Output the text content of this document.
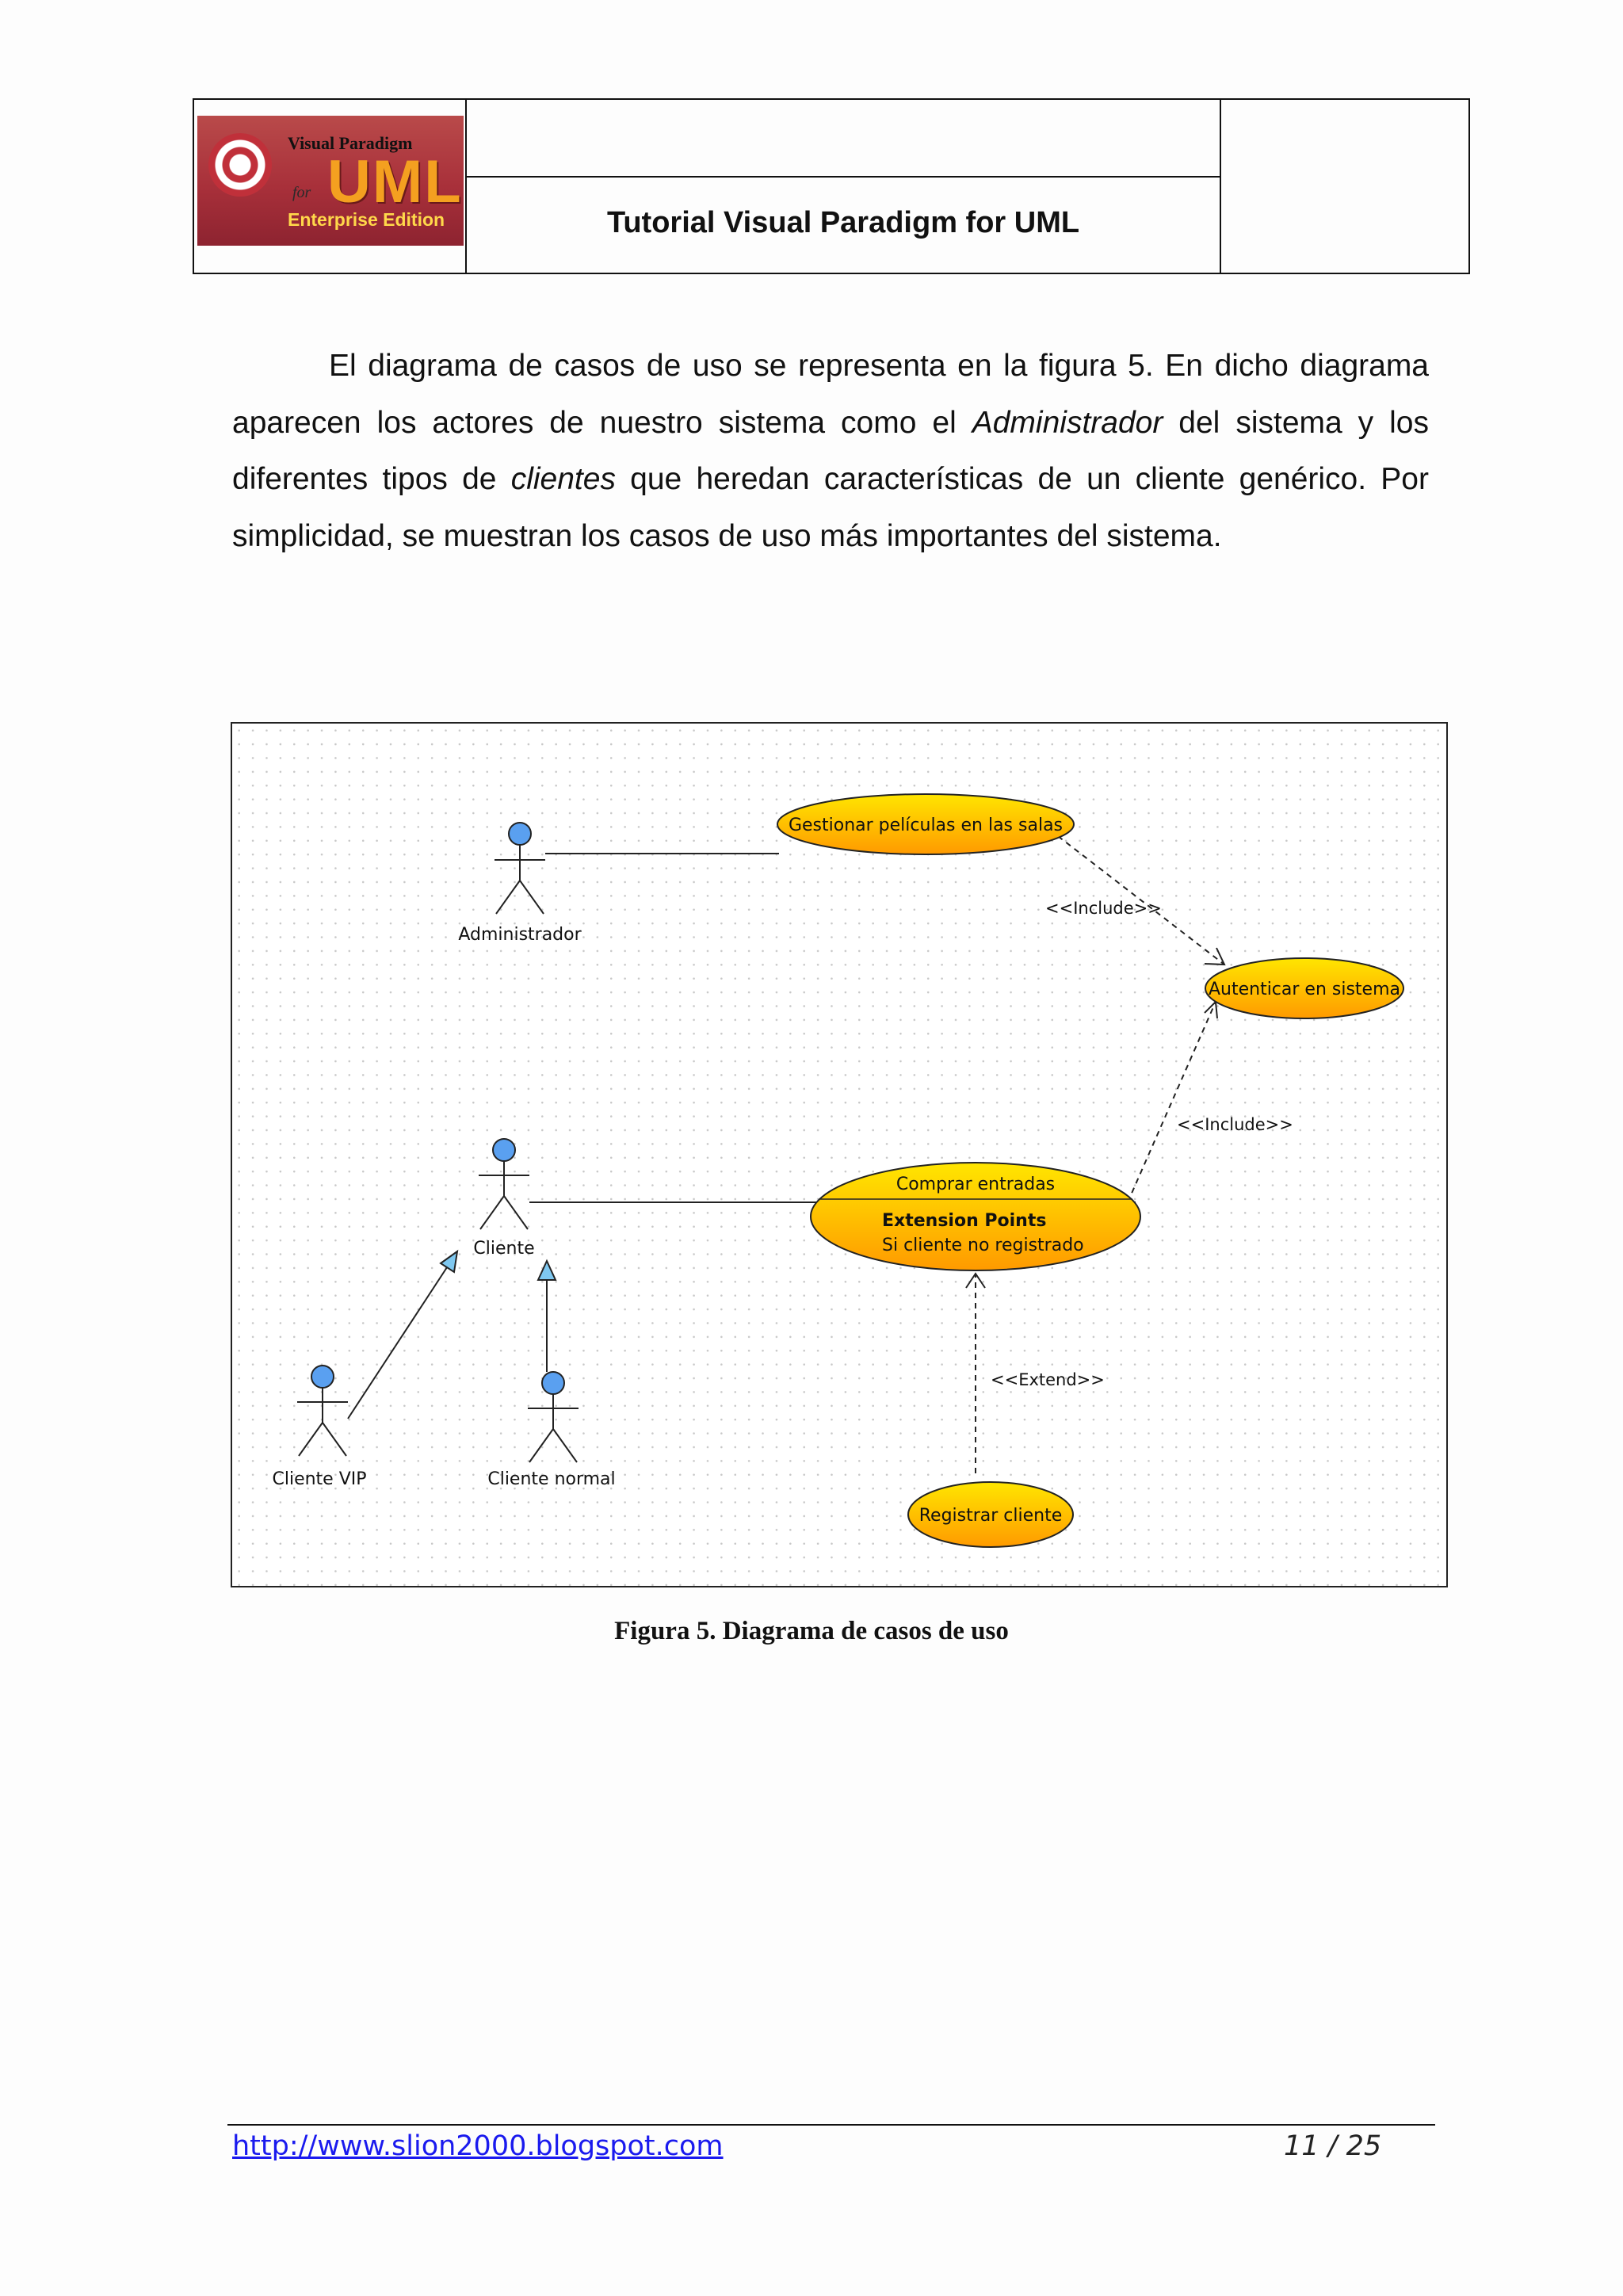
Visual Paradigm
for UML
Enterprise Edition	Tutorial Visual Paradigm for UML

El diagrama de casos de uso se representa en la figura 5. En dicho diagrama aparecen los actores de nuestro sistema como el Administrador del sistema y los diferentes tipos de clientes que heredan características de un cliente genérico. Por simplicidad, se muestran los casos de uso más importantes del sistema.

Administrador
Cliente
Cliente VIP	Cliente normal
Gestionar películas en las salas
Autenticar en sistema
Comprar entradas
Extension Points
Si cliente no registrado
Registrar cliente
<<Include>>
<<Include>>
<<Extend>>
Figura 5. Diagrama de casos de uso
http://www.slion2000.blogspot.com	11 / 25
